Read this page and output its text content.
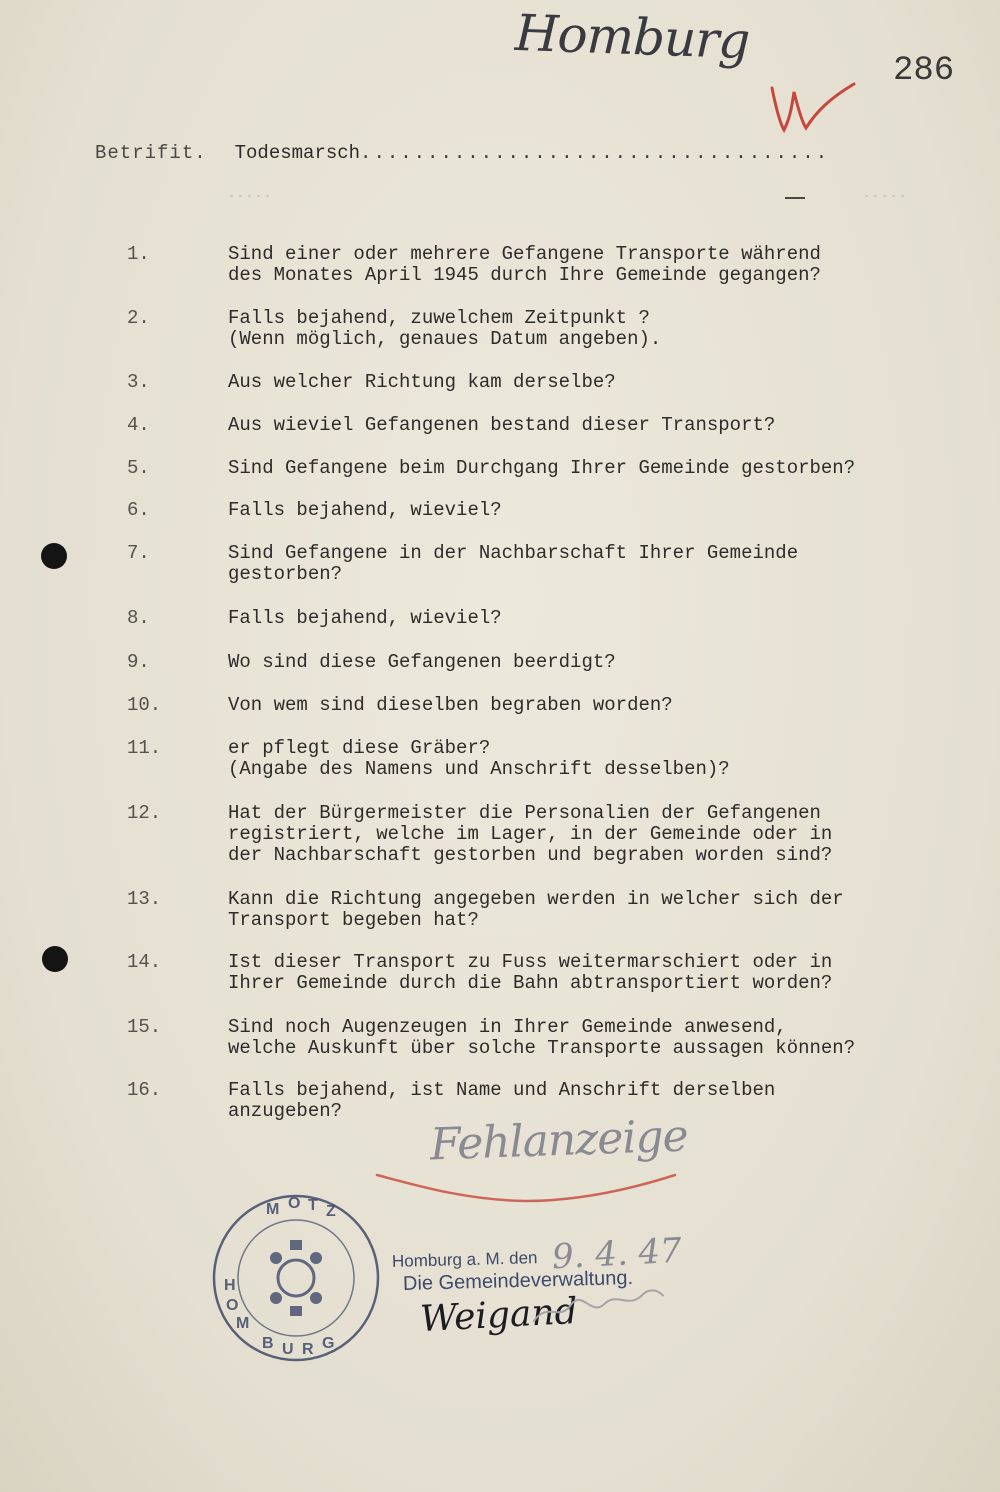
Homburg
286
Betrifit. Todesmarsch...................................
1.	Sind einer oder mehrere Gefangene Transporte während
des Monates April 1945 durch Ihre Gemeinde gegangen?
2.	Falls bejahend, zuwelchem Zeitpunkt ?
(Wenn möglich, genaues Datum angeben).
3.	Aus welcher Richtung kam derselbe?
4.	Aus wieviel Gefangenen bestand dieser Transport?
5.	Sind Gefangene beim Durchgang Ihrer Gemeinde gestorben?
6.	Falls bejahend, wieviel?
7.	Sind Gefangene in der Nachbarschaft Ihrer Gemeinde
gestorben?
8.	Falls bejahend, wieviel?
9.	Wo sind diese Gefangenen beerdigt?
10.	Von wem sind dieselben begraben worden?
11.	er pflegt diese Gräber?
(Angabe des Namens und Anschrift desselben)?
12.	Hat der Bürgermeister die Personalien der Gefangenen
registriert, welche im Lager, in der Gemeinde oder in
der Nachbarschaft gestorben und begraben worden sind?
13.	Kann die Richtung angegeben werden in welcher sich der
Transport begeben hat?
14.	Ist dieser Transport zu Fuss weitermarschiert oder in
Ihrer Gemeinde durch die Bahn abtransportiert worden?
15.	Sind noch Augenzeugen in Ihrer Gemeinde anwesend,
welche Auskunft über solche Transporte aussagen können?
16.	Falls bejahend, ist Name und Anschrift derselben
anzugeben?	Fehlanzeige
M O T Z
H
O
M
B U R G
Homburg a. M. den 9. 4. 47
Die Gemeindeverwaltung.
Weigand
